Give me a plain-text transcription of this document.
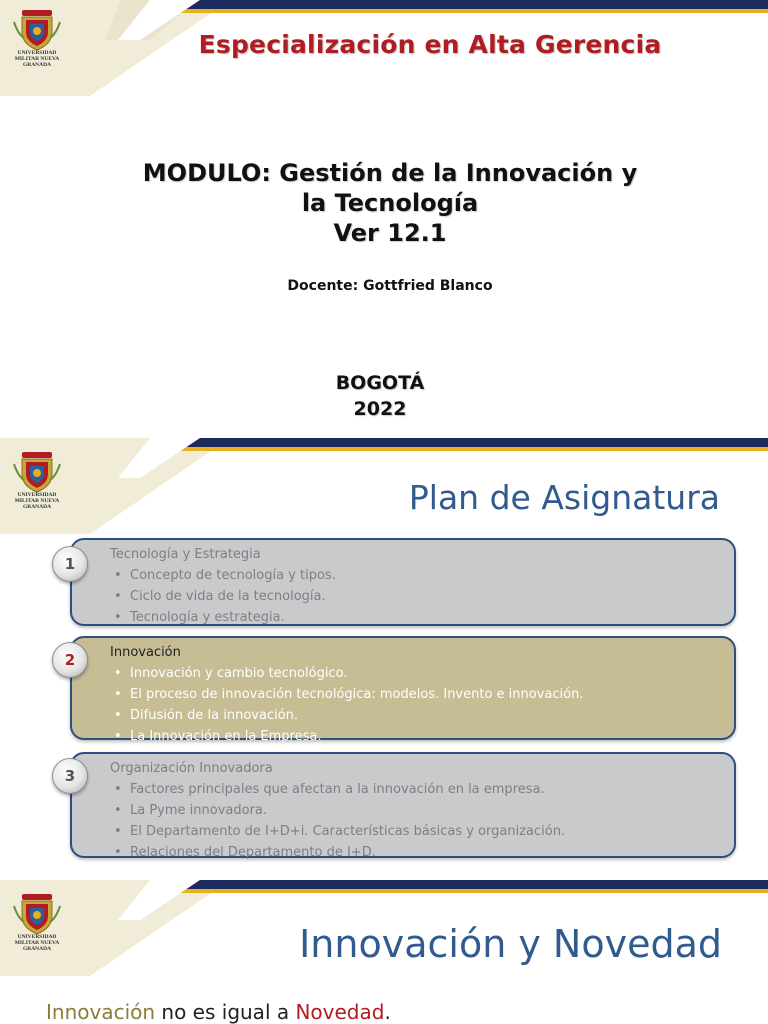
UNIVERSIDAD MILITAR NUEVA GRANADA
Especialización en Alta Gerencia
MODULO: Gestión de la Innovación y
la Tecnología
Ver 12.1
Docente: Gottfried Blanco
BOGOTÁ
2022
UNIVERSIDAD MILITAR NUEVA GRANADA	Plan de Asignatura
Tecnología y Estrategia
• Concepto de tecnología y tipos.
• Ciclo de vida de la tecnología.
• Tecnología y estrategia.
1
Innovación
• Innovación y cambio tecnológico.
• El proceso de innovación tecnológica: modelos. Invento e innovación.
• Difusión de la innovación.
• La Innovación en la Empresa.
2
Organización Innovadora
• Factores principales que afectan a la innovación en la empresa.
• La Pyme innovadora.
• El Departamento de I+D+i. Características básicas y organización.
• Relaciones del Departamento de I+D.
3
UNIVERSIDAD MILITAR NUEVA GRANADA	Innovación y Novedad
Innovación no es igual a Novedad.
